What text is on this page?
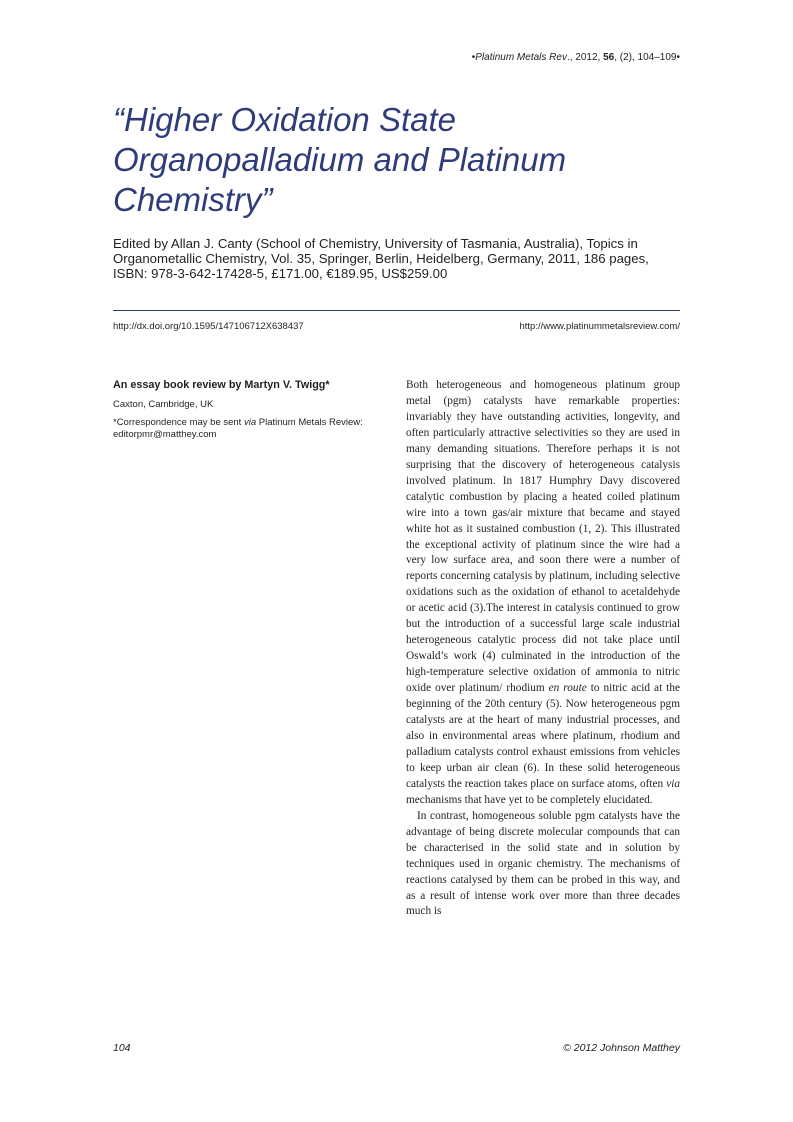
•Platinum Metals Rev., 2012, 56, (2), 104–109•
“Higher Oxidation State
Organopalladium and Platinum
Chemistry”
Edited by Allan J. Canty (School of Chemistry, University of Tasmania, Australia), Topics in Organometallic Chemistry, Vol. 35, Springer, Berlin, Heidelberg, Germany, 2011, 186 pages, ISBN: 978-3-642-17428-5, £171.00, €189.95, US$259.00
http://dx.doi.org/10.1595/147106712X638437	http://www.platinummetalsreview.com/
An essay book review by Martyn V. Twigg*
Caxton, Cambridge, UK
*Correspondence may be sent via Platinum Metals Review: editorpmr@matthey.com

Both heterogeneous and homogeneous platinum group metal (pgm) catalysts have remarkable properties: invariably they have outstanding activities, longevity, and often particularly attractive selectivities so they are used in many demanding situations. Therefore perhaps it is not surprising that the discovery of heterogeneous catalysis involved platinum. In 1817 Humphry Davy discovered catalytic combustion by placing a heated coiled platinum wire into a town gas/air mixture that became and stayed white hot as it sustained combustion (1, 2). This illustrated the exceptional activity of platinum since the wire had a very low surface area, and soon there were a number of reports concerning catalysis by platinum, including selective oxidations such as the oxidation of ethanol to acetaldehyde or acetic acid (3).The interest in catalysis continued to grow but the introduction of a successful large scale industrial heterogeneous catalytic process did not take place until Oswald’s work (4) culminated in the introduction of the high-temperature selective oxidation of ammonia to nitric oxide over platinum/ rhodium en route to nitric acid at the beginning of the 20th century (5). Now heterogeneous pgm catalysts are at the heart of many industrial processes, and also in environmental areas where platinum, rhodium and palladium catalysts control exhaust emissions from vehicles to keep urban air clean (6). In these solid heterogeneous catalysts the reaction takes place on surface atoms, often via mechanisms that have yet to be completely elucidated.

In contrast, homogeneous soluble pgm catalysts have the advantage of being discrete molecular compounds that can be characterised in the solid state and in solution by techniques used in organic chemistry. The mechanisms of reactions catalysed by them can be probed in this way, and as a result of intense work over more than three decades much is

104	© 2012 Johnson Matthey
